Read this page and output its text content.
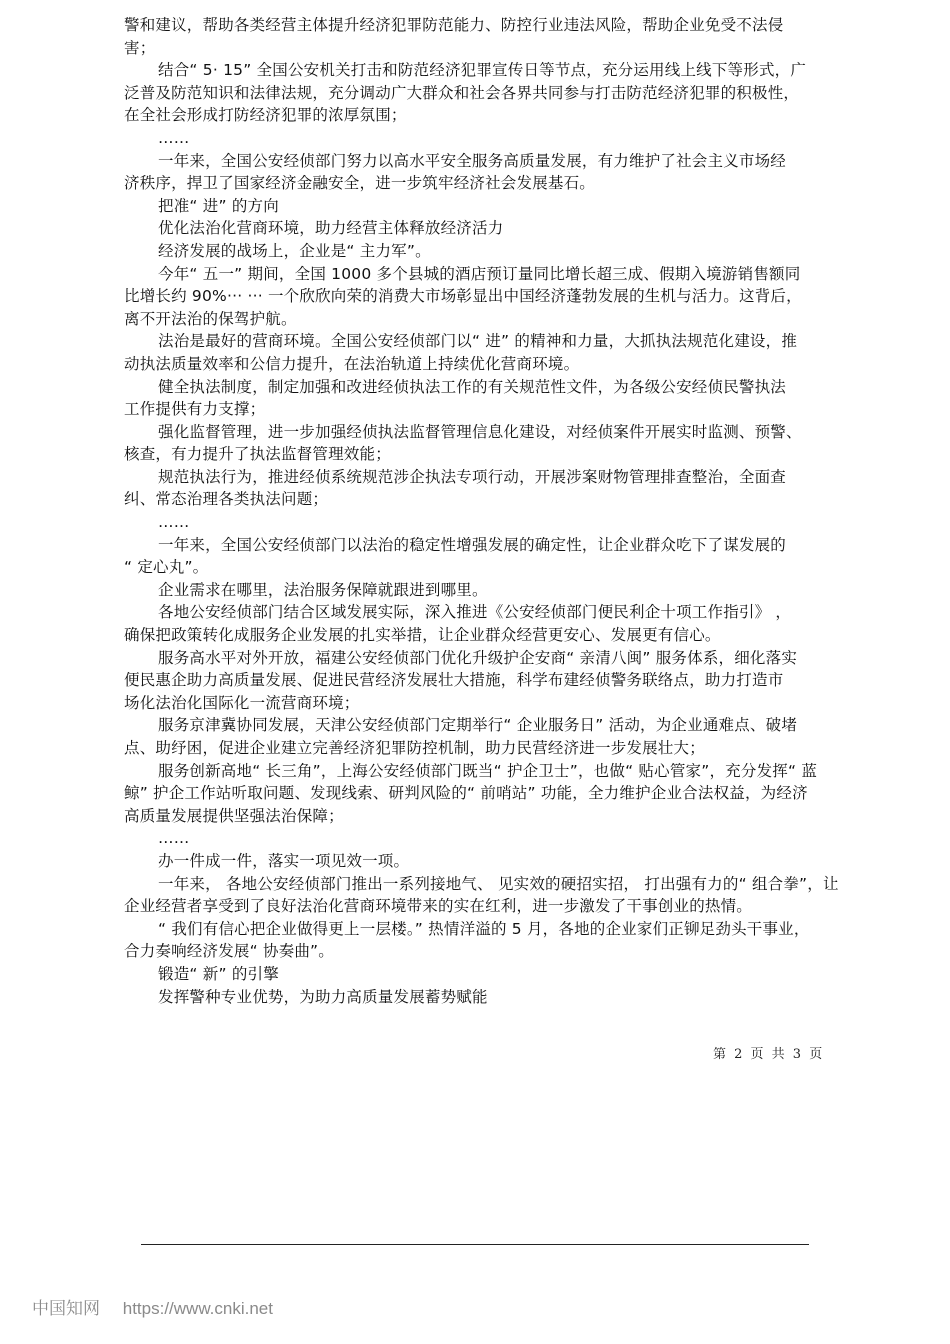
警和建议，帮助各类经营主体提升经济犯罪防范能力、防控行业违法风险，帮助企业免受不法侵
害；
结合“ 5· 15” 全国公安机关打击和防范经济犯罪宣传日等节点，充分运用线上线下等形式，广
泛普及防范知识和法律法规，充分调动广大群众和社会各界共同参与打击防范经济犯罪的积极性，
在全社会形成打防经济犯罪的浓厚氛围；
……
一年来，全国公安经侦部门努力以高水平安全服务高质量发展，有力维护了社会主义市场经
济秩序，捍卫了国家经济金融安全，进一步筑牢经济社会发展基石。
把准“ 进” 的方向
优化法治化营商环境，助力经营主体释放经济活力
经济发展的战场上，企业是“ 主力军”。
今年“ 五一” 期间，全国 1000 多个县城的酒店预订量同比增长超三成、假期入境游销售额同
比增长约 90%··· ··· 一个欣欣向荣的消费大市场彰显出中国经济蓬勃发展的生机与活力。这背后，
离不开法治的保驾护航。
法治是最好的营商环境。全国公安经侦部门以“ 进” 的精神和力量，大抓执法规范化建设，推
动执法质量效率和公信力提升，在法治轨道上持续优化营商环境。
健全执法制度，制定加强和改进经侦执法工作的有关规范性文件，为各级公安经侦民警执法
工作提供有力支撑；
强化监督管理，进一步加强经侦执法监督管理信息化建设，对经侦案件开展实时监测、预警、
核查，有力提升了执法监督管理效能；
规范执法行为，推进经侦系统规范涉企执法专项行动，开展涉案财物管理排查整治，全面查
纠、常态治理各类执法问题；
……
一年来，全国公安经侦部门以法治的稳定性增强发展的确定性，让企业群众吃下了谋发展的
“ 定心丸”。
企业需求在哪里，法治服务保障就跟进到哪里。
各地公安经侦部门结合区域发展实际，深入推进《公安经侦部门便民利企十项工作指引》 ，
确保把政策转化成服务企业发展的扎实举措，让企业群众经营更安心、发展更有信心。
服务高水平对外开放，福建公安经侦部门优化升级护企安商“ 亲清八闽” 服务体系，细化落实
便民惠企助力高质量发展、促进民营经济发展壮大措施，科学布建经侦警务联络点，助力打造市
场化法治化国际化一流营商环境；
服务京津冀协同发展，天津公安经侦部门定期举行“ 企业服务日” 活动，为企业通难点、破堵
点、助纾困，促进企业建立完善经济犯罪防控机制，助力民营经济进一步发展壮大；
服务创新高地“ 长三角”，上海公安经侦部门既当“ 护企卫士”，也做“ 贴心管家”，充分发挥“ 蓝
鲸” 护企工作站听取问题、发现线索、研判风险的“ 前哨站” 功能，全力维护企业合法权益，为经济
高质量发展提供坚强法治保障；
……
办一件成一件，落实一项见效一项。
一年来， 各地公安经侦部门推出一系列接地气、 见实效的硬招实招， 打出强有力的“ 组合拳”，让
企业经营者享受到了良好法治化营商环境带来的实在红利，进一步激发了干事创业的热情。
“ 我们有信心把企业做得更上一层楼。” 热情洋溢的 5 月，各地的企业家们正铆足劲头干事业，
合力奏响经济发展“ 协奏曲”。
锻造“ 新” 的引擎
发挥警种专业优势，为助力高质量发展蓄势赋能
第 2 页 共 3 页
中国知网 https://www.cnki.net
